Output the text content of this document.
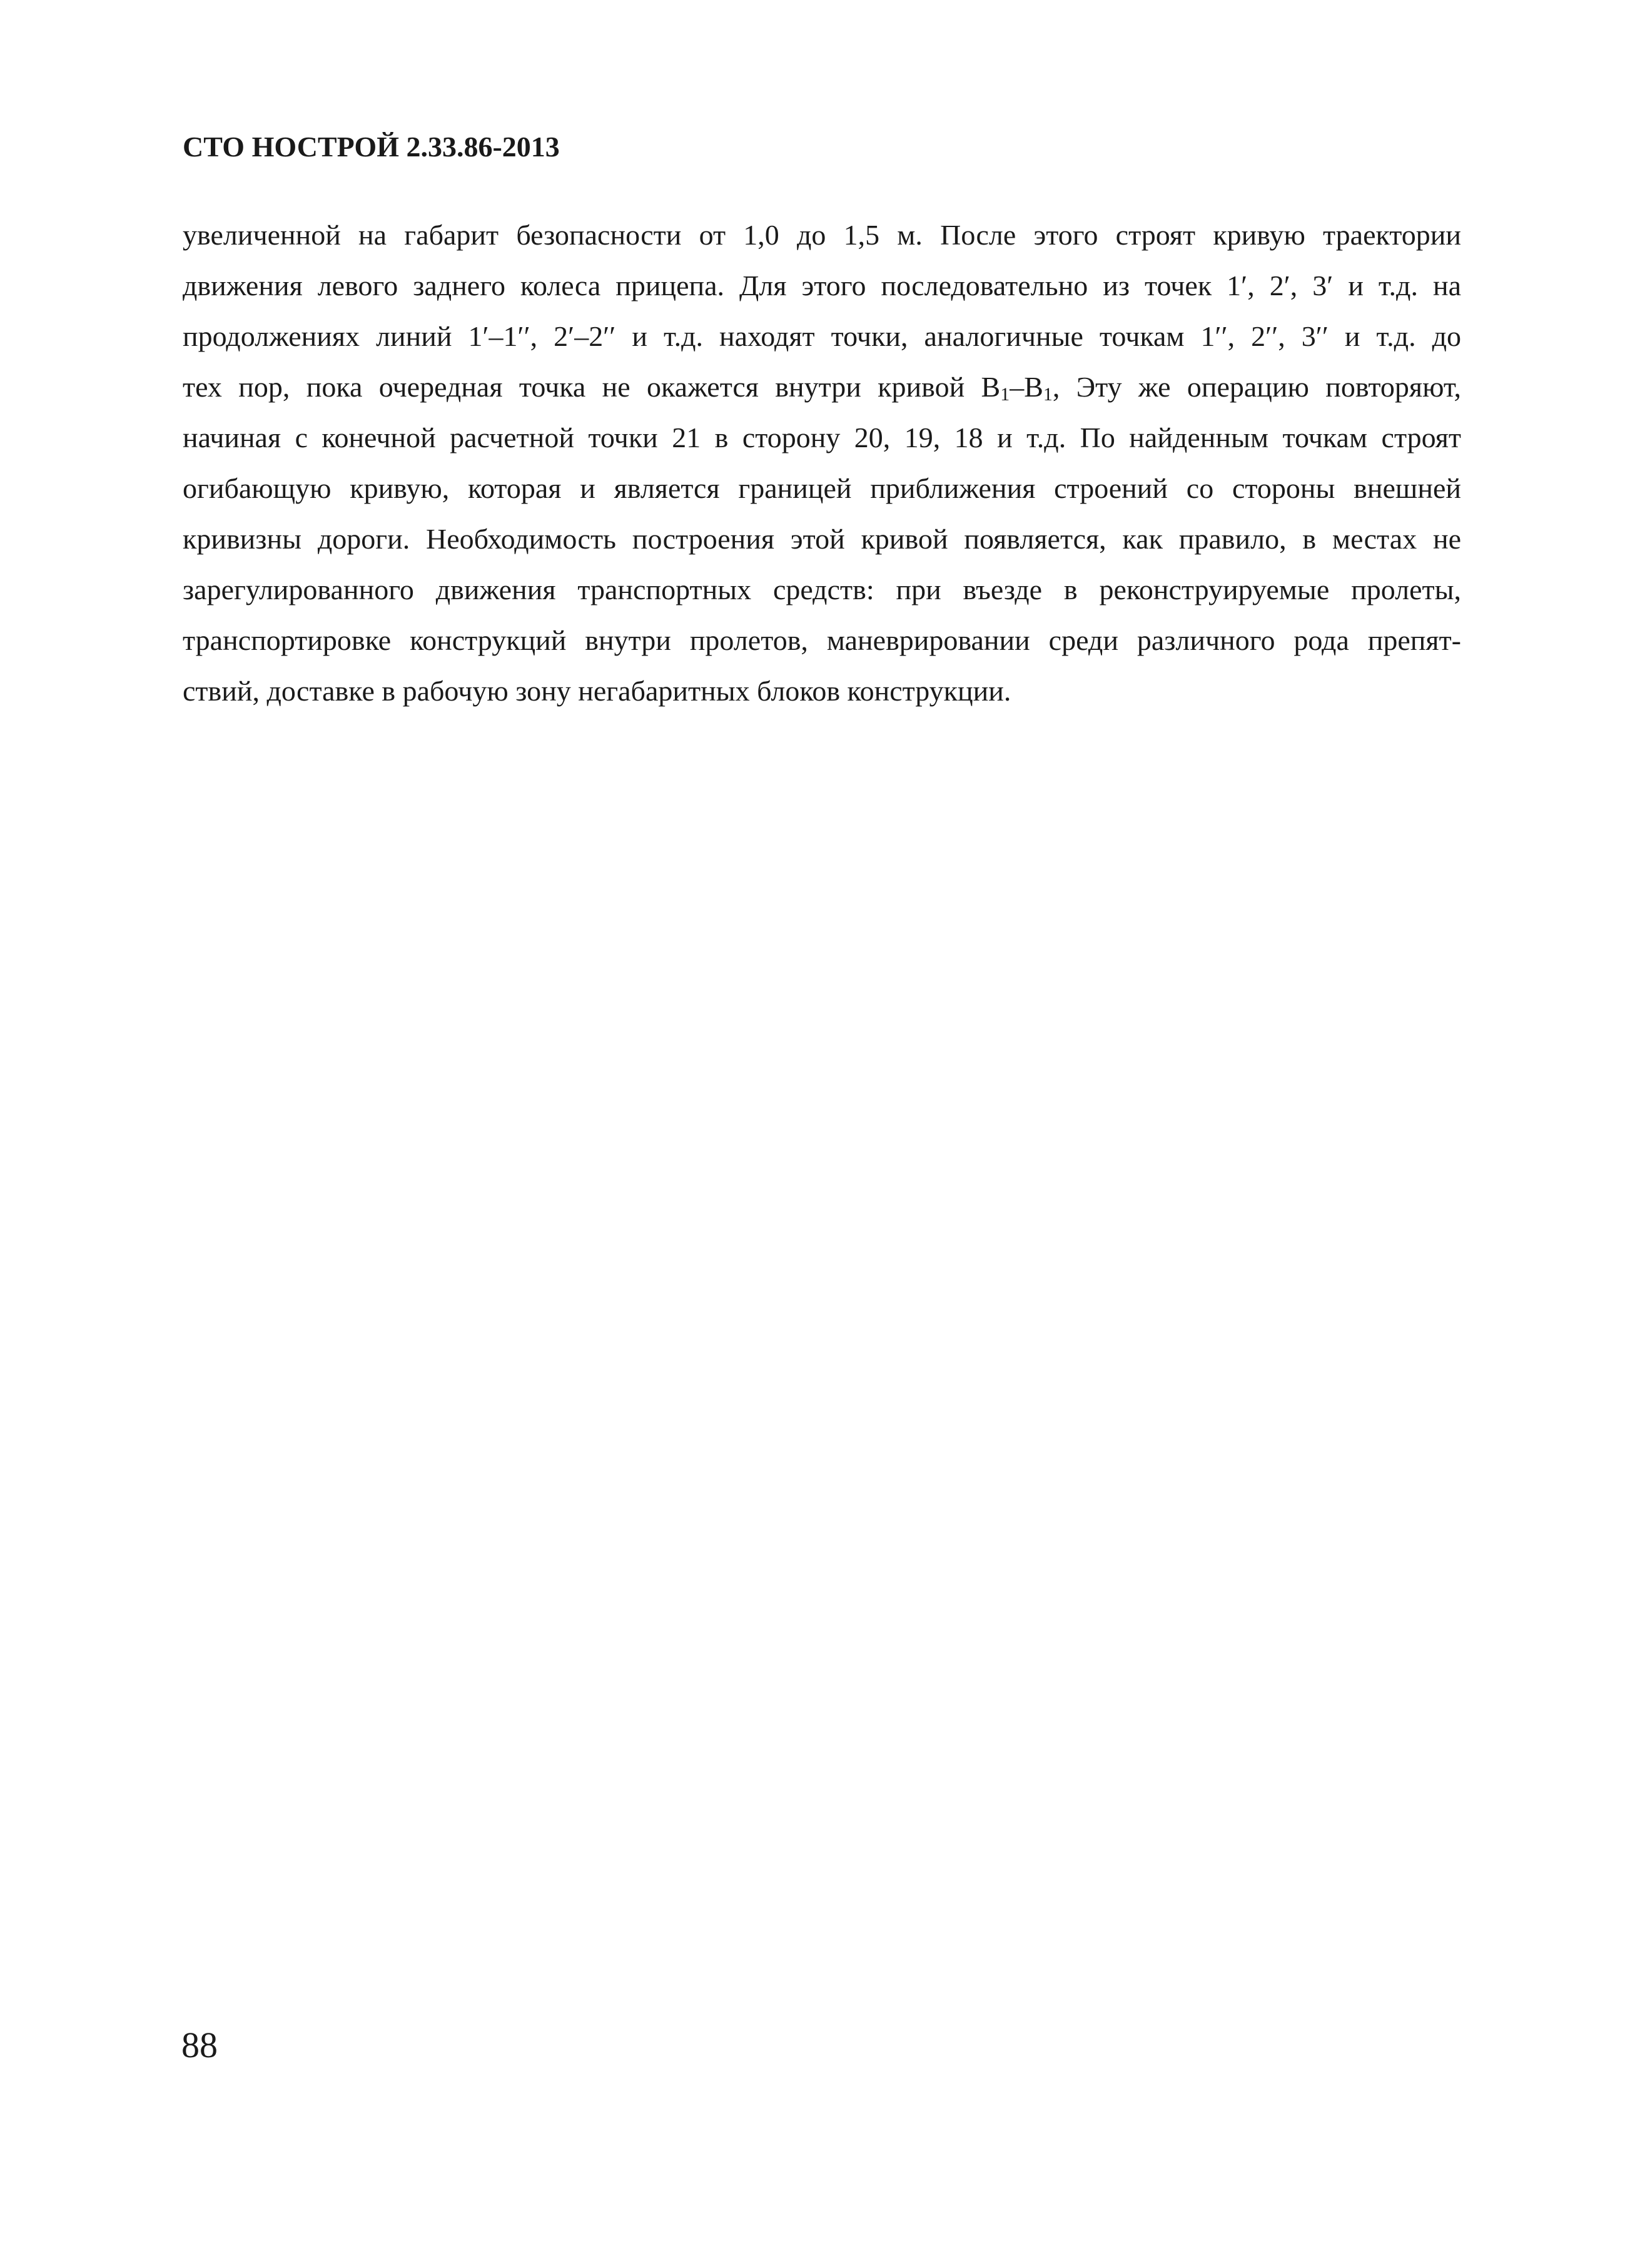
СТО НОСТРОЙ 2.33.86-2013
увеличенной на габарит безопасности от 1,0 до 1,5 м. После этого строят кривую траектории
движения левого заднего колеса прицепа. Для этого последовательно из точек 1′, 2′, 3′ и т.д. на
продолжениях линий 1′–1′′, 2′–2′′ и т.д. находят точки, аналогичные точкам 1′′, 2′′, 3′′ и т.д. до
тех пор, пока очередная точка не окажется внутри кривой $В_1-В_1$, Эту же операцию повторяют,
начиная с конечной расчетной точки 21 в сторону 20, 19, 18 и т.д. По найденным точкам строят
огибающую кривую, которая и является границей приближения строений со стороны внешней
кривизны дороги. Необходимость построения этой кривой появляется, как правило, в местах не
зарегулированного движения транспортных средств: при въезде в реконструируемые пролеты,
транспортировке конструкций внутри пролетов, маневрировании среди различного рода препят-
ствий, доставке в рабочую зону негабаритных блоков конструкции.
88
